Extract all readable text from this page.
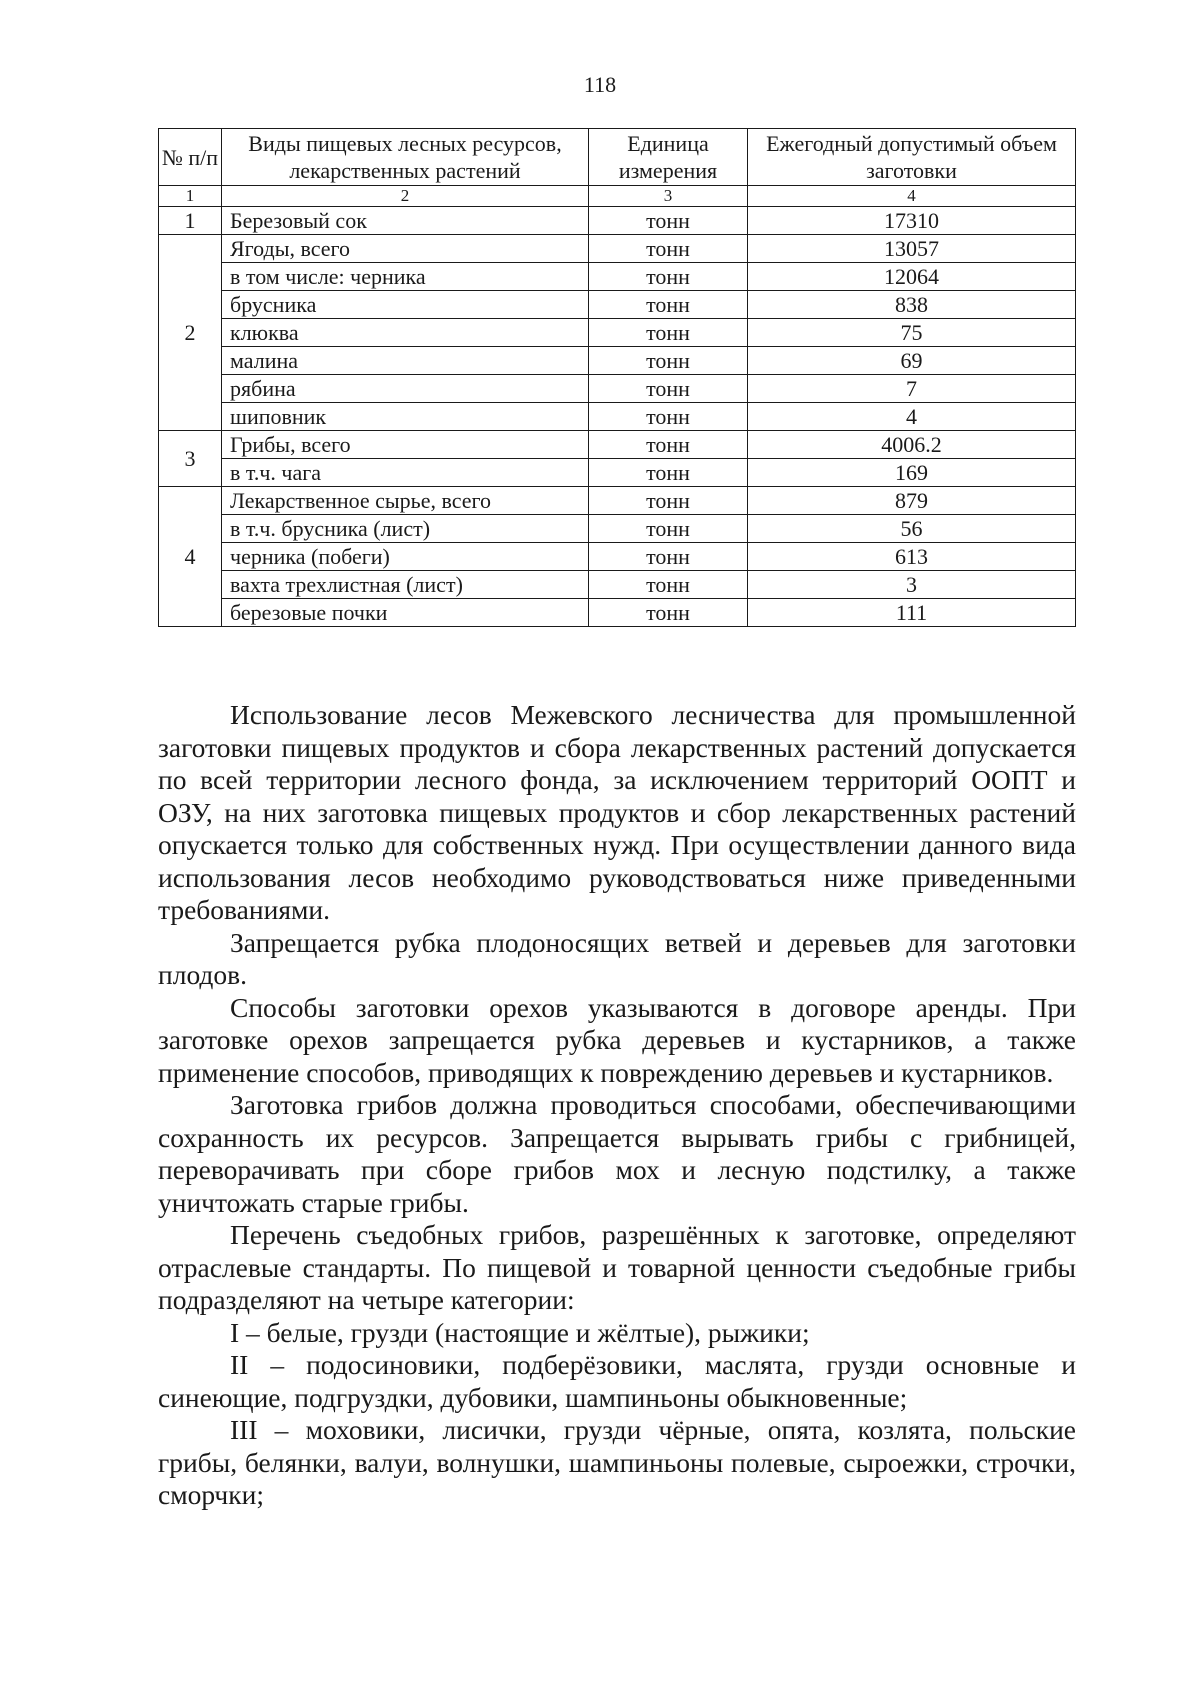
118
№ п/п	Виды пищевых лесных ресурсов, лекарственных растений	Единица измерения	Ежегодный допустимый объем заготовки
1	2	3	4
1	Березовый сок	тонн	17310
2	Ягоды, всего	тонн	13057
	в том числе: черника	тонн	12064
	брусника	тонн	838
	клюква	тонн	75
	малина	тонн	69
	рябина	тонн	7
	шиповник	тонн	4
3	Грибы, всего	тонн	4006.2
	в т.ч. чага	тонн	169
4	Лекарственное сырье, всего	тонн	879
	в т.ч. брусника (лист)	тонн	56
	черника (побеги)	тонн	613
	вахта трехлистная (лист)	тонн	3
	березовые почки	тонн	111

Использование лесов Межевского лесничества для промышленной заготовки пищевых продуктов и сбора лекарственных растений допускается по всей территории лесного фонда, за исключением территорий ООПТ и ОЗУ, на них заготовка пищевых продуктов и сбор лекарственных растений опускается только для собственных нужд. При осуществлении данного вида использования лесов необходимо руководствоваться ниже приведенными требованиями.

Запрещается рубка плодоносящих ветвей и деревьев для заготовки плодов.

Способы заготовки орехов указываются в договоре аренды. При заготовке орехов запрещается рубка деревьев и кустарников, а также применение способов, приводящих к повреждению деревьев и кустарников.

Заготовка грибов должна проводиться способами, обеспечивающими сохранность их ресурсов. Запрещается вырывать грибы с грибницей, переворачивать при сборе грибов мох и лесную подстилку, а также уничтожать старые грибы.

Перечень съедобных грибов, разрешённых к заготовке, определяют отраслевые стандарты. По пищевой и товарной ценности съедобные грибы подразделяют на четыре категории:

I – белые, грузди (настоящие и жёлтые), рыжики;

II – подосиновики, подберёзовики, маслята, грузди основные и синеющие, подгруздки, дубовики, шампиньоны обыкновенные;

III – моховики, лисички, грузди чёрные, опята, козлята, польские грибы, белянки, валуи, волнушки, шампиньоны полевые, сыроежки, строчки, сморчки;
